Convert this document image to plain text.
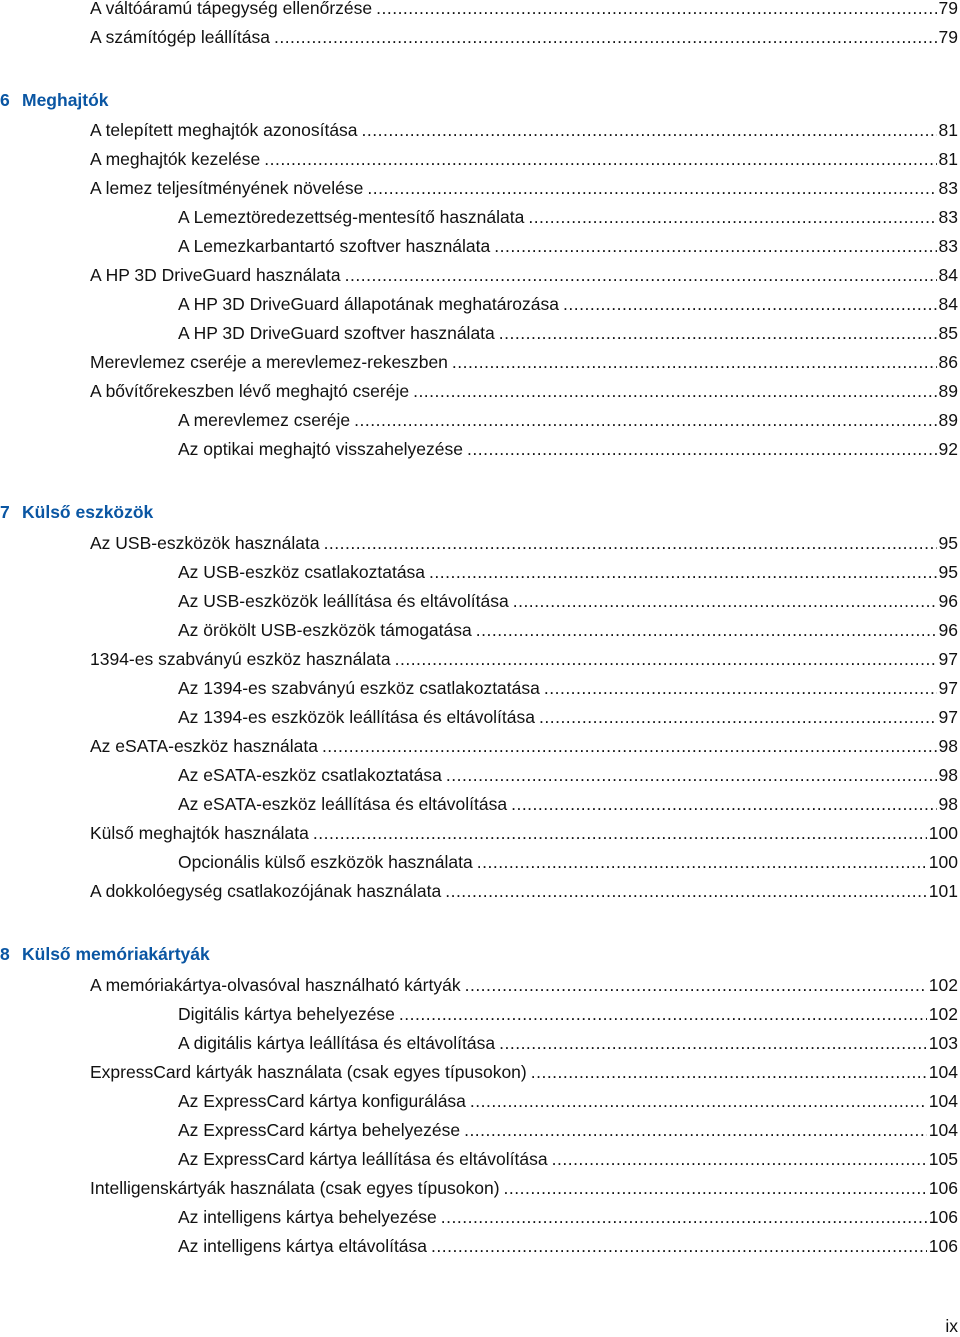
A váltóáramú tápegység ellenőrzése .....	79
A számítógép leállítása .....	79
6 Meghajtók
A telepített meghajtók azonosítása .....	81
A meghajtók kezelése .....	81
A lemez teljesítményének növelése .....	83
A Lemeztöredezettség-mentesítő használata .....	83
A Lemezkarbantartó szoftver használata .....	83
A HP 3D DriveGuard használata .....	84
A HP 3D DriveGuard állapotának meghatározása .....	84
A HP 3D DriveGuard szoftver használata .....	85
Merevlemez cseréje a merevlemez-rekeszben .....	86
A bővítőrekeszben lévő meghajtó cseréje .....	89
A merevlemez cseréje .....	89
Az optikai meghajtó visszahelyezése .....	92
7 Külső eszközök
Az USB-eszközök használata .....	95
Az USB-eszköz csatlakoztatása .....	95
Az USB-eszközök leállítása és eltávolítása .....	96
Az örökölt USB-eszközök támogatása .....	96
1394-es szabványú eszköz használata .....	97
Az 1394-es szabványú eszköz csatlakoztatása .....	97
Az 1394-es eszközök leállítása és eltávolítása .....	97
Az eSATA-eszköz használata .....	98
Az eSATA-eszköz csatlakoztatása .....	98
Az eSATA-eszköz leállítása és eltávolítása .....	98
Külső meghajtók használata .....	100
Opcionális külső eszközök használata .....	100
A dokkolóegység csatlakozójának használata .....	101
8 Külső memóriakártyák
A memóriakártya-olvasóval használható kártyák .....	102
Digitális kártya behelyezése .....	102
A digitális kártya leállítása és eltávolítása .....	103
ExpressCard kártyák használata (csak egyes típusokon) .....	104
Az ExpressCard kártya konfigurálása .....	104
Az ExpressCard kártya behelyezése .....	104
Az ExpressCard kártya leállítása és eltávolítása .....	105
Intelligenskártyák használata (csak egyes típusokon) .....	106
Az intelligens kártya behelyezése .....	106
Az intelligens kártya eltávolítása .....	106
ix
